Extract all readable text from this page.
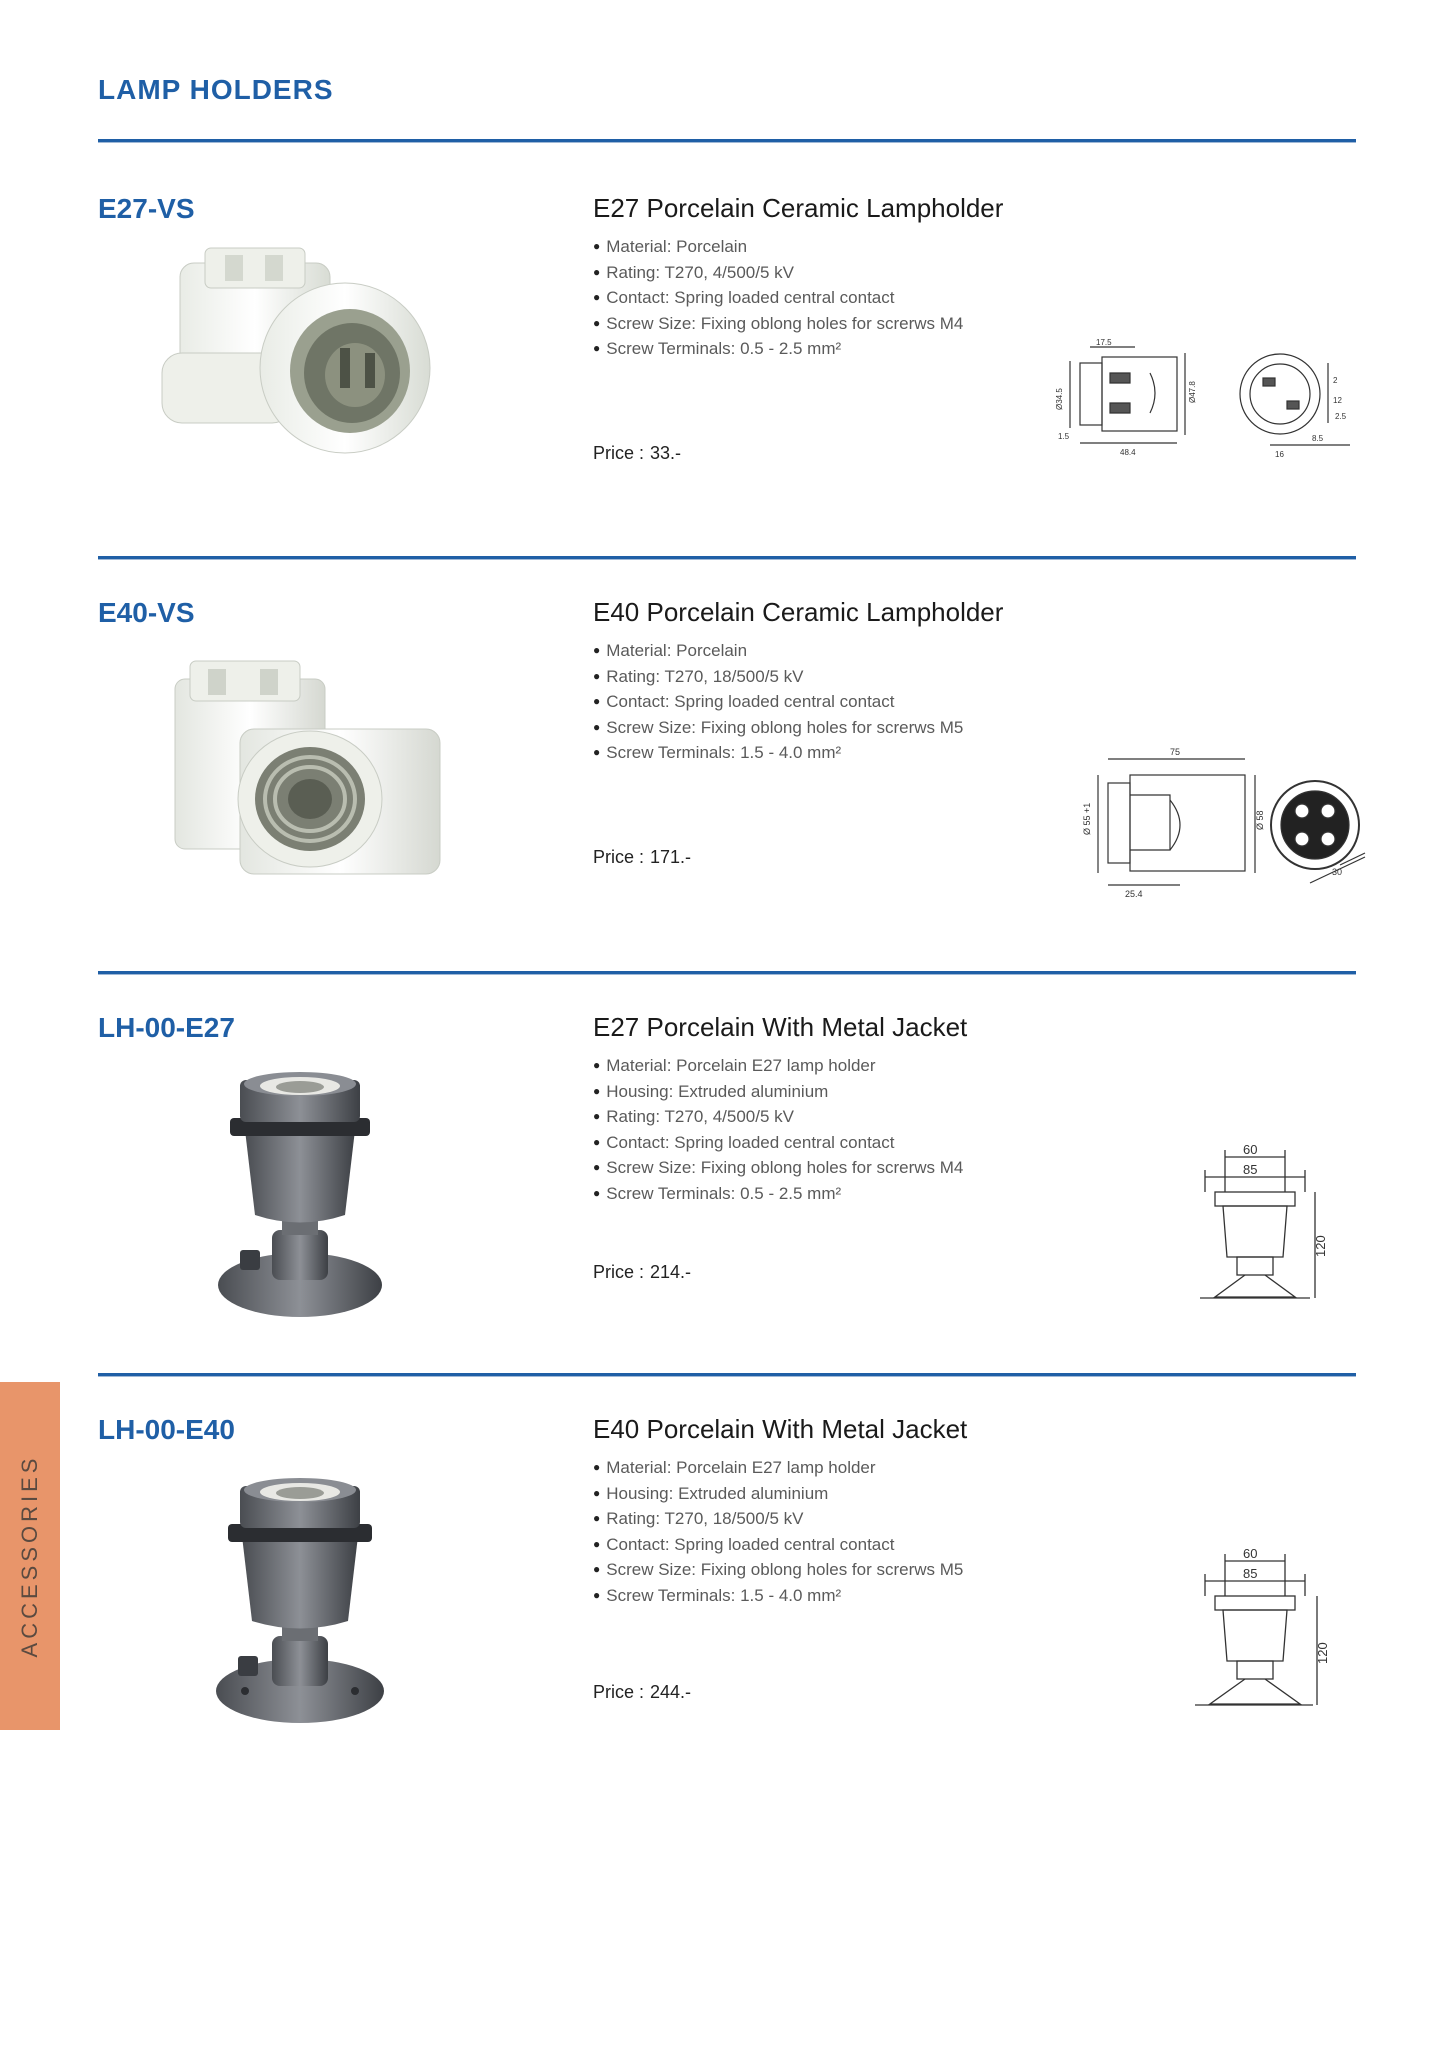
LAMP HOLDERS
E27-VS	E27 Porcelain Ceramic Lampholder
● Material: Porcelain
● Rating: T270, 4/500/5 kV
● Contact: Spring loaded central contact
● Screw Size: Fixing oblong holes for screrws M4
● Screw Terminals: 0.5 - 2.5 mm²
Price : 33.-
17.5
Ø34.5	Ø47.8
1.5
48.4
2
12
16
8.5
2.5
E40-VS	E40 Porcelain Ceramic Lampholder
● Material: Porcelain
● Rating: T270, 18/500/5 kV
● Contact: Spring loaded central contact
● Screw Size: Fixing oblong holes for screrws M5
● Screw Terminals: 1.5 - 4.0 mm²
Price : 171.-
75
Ø 55 +1	Ø 58
25.4
30
LH-00-E27	E27 Porcelain With Metal Jacket
● Material: Porcelain E27 lamp holder
● Housing: Extruded aluminium
● Rating: T270, 4/500/5 kV
● Contact: Spring loaded central contact
● Screw Size: Fixing oblong holes for screrws M4
● Screw Terminals: 0.5 - 2.5 mm²
Price : 214.-
60
85
120
LH-00-E40	E40 Porcelain With Metal Jacket
● Material: Porcelain E27 lamp holder
● Housing: Extruded aluminium
● Rating: T270, 18/500/5 kV
● Contact: Spring loaded central contact
● Screw Size: Fixing oblong holes for screrws M5
● Screw Terminals: 1.5 - 4.0 mm²
Price : 244.-
60
85
120
ACCESSORIES
